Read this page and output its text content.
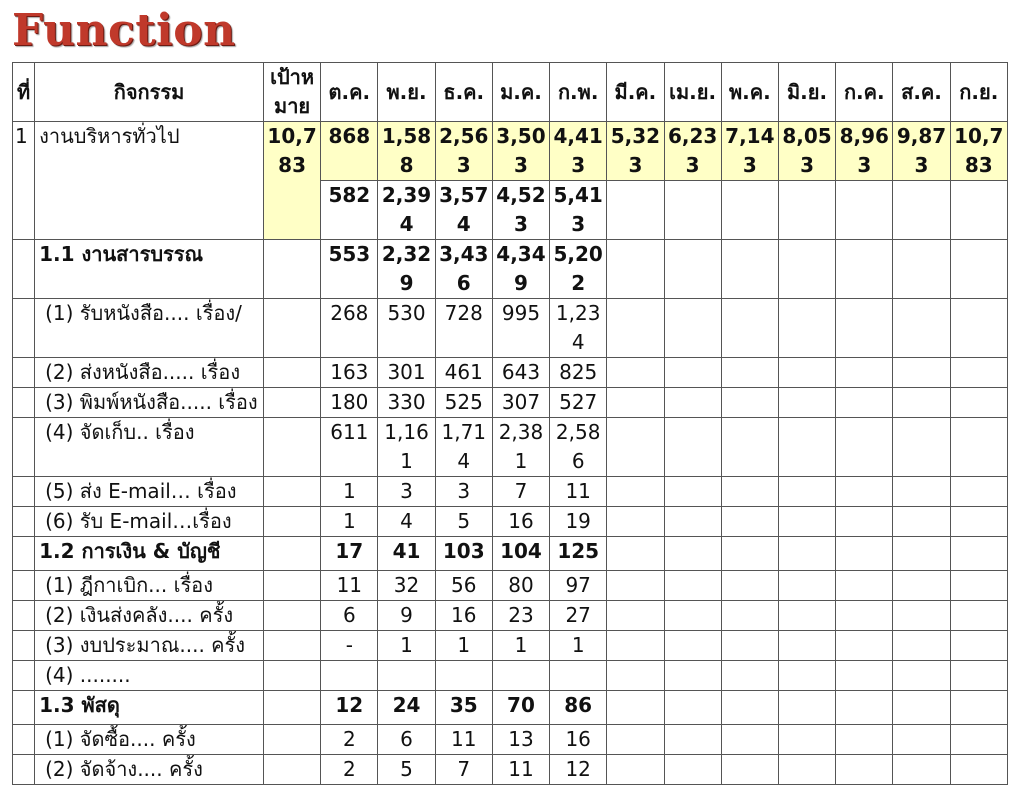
Function
ที่	กิจกรรม	เป้าหมาย	ต.ค.	พ.ย.	ธ.ค.	ม.ค.	ก.พ.	มี.ค.	เม.ย.	พ.ค.	มิ.ย.	ก.ค.	ส.ค.	ก.ย.
1	งานบริหารทั่วไป	10,783	868	1,588	2,563	3,503	4,413	5,323	6,233	7,143	8,053	8,963	9,873	10,783
			582	2,394	3,574	4,523	5,413							
	1.1 งานสารบรรณ		553	2,329	3,436	4,349	5,202							
	(1) รับหนังสือ.... เรื่อง/		268	530	728	995	1,234							
	(2) ส่งหนังสือ..... เรื่อง		163	301	461	643	825							
	(3) พิมพ์หนังสือ..... เรื่อง		180	330	525	307	527							
	(4) จัดเก็บ.. เรื่อง		611	1,161	1,714	2,381	2,586							
	(5) ส่ง E-mail… เรื่อง		1	3	3	7	11							
	(6) รับ E-mail…เรื่อง		1	4	5	16	19							
	1.2 การเงิน & บัญชี		17	41	103	104	125							
	(1) ฎีกาเบิก... เรื่อง		11	32	56	80	97							
	(2) เงินส่งคลัง.... ครั้ง		6	9	16	23	27							
	(3) งบประมาณ.... ครั้ง		-	1	1	1	1							
	(4) ........													
	1.3 พัสดุ		12	24	35	70	86							
	(1) จัดซื้อ.... ครั้ง		2	6	11	13	16							
	(2) จัดจ้าง.... ครั้ง		2	5	7	11	12							
